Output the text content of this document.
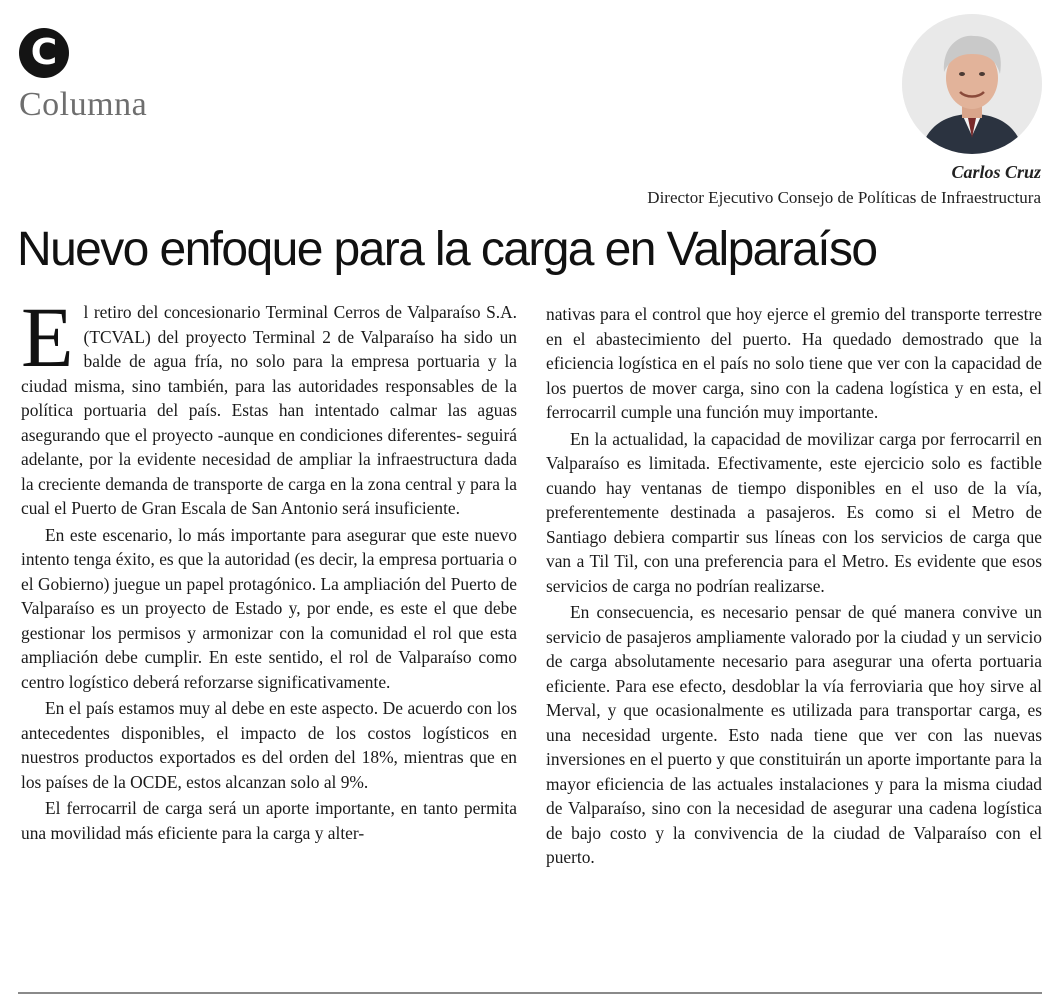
C
Columna
Carlos Cruz
Director Ejecutivo Consejo de Políticas de Infraestructura
Nuevo enfoque para la carga en Valparaíso

El retiro del concesionario Terminal Cerros de Valparaíso S.A. (TCVAL) del proyecto Terminal 2 de Valparaíso ha sido un balde de agua fría, no solo para la empresa portuaria y la ciudad misma, sino también, para las autoridades responsables de la política portuaria del país. Estas han intentado calmar las aguas asegurando que el proyecto -aunque en condiciones diferentes- seguirá adelante, por la evidente necesidad de ampliar la infraestructura dada la creciente demanda de transporte de carga en la zona central y para la cual el Puerto de Gran Escala de San Antonio será insuficiente.

En este escenario, lo más importante para asegurar que este nuevo intento tenga éxito, es que la autoridad (es decir, la empresa portuaria o el Gobierno) juegue un papel protagónico. La ampliación del Puerto de Valparaíso es un proyecto de Estado y, por ende, es este el que debe gestionar los permisos y armonizar con la comunidad el rol que esta ampliación debe cumplir. En este sentido, el rol de Valparaíso como centro logístico deberá reforzarse significativamente.

En el país estamos muy al debe en este aspecto. De acuerdo con los antecedentes disponibles, el impacto de los costos logísticos en nuestros productos exportados es del orden del 18%, mientras que en los países de la OCDE, estos alcanzan solo al 9%.

El ferrocarril de carga será un aporte importante, en tanto permita una movilidad más eficiente para la carga y alter-

nativas para el control que hoy ejerce el gremio del transporte terrestre en el abastecimiento del puerto. Ha quedado demostrado que la eficiencia logística en el país no solo tiene que ver con la capacidad de los puertos de mover carga, sino con la cadena logística y en esta, el ferrocarril cumple una función muy importante.

En la actualidad, la capacidad de movilizar carga por ferrocarril en Valparaíso es limitada. Efectivamente, este ejercicio solo es factible cuando hay ventanas de tiempo disponibles en el uso de la vía, preferentemente destinada a pasajeros. Es como si el Metro de Santiago debiera compartir sus líneas con los servicios de carga que van a Til Til, con una preferencia para el Metro. Es evidente que esos servicios de carga no podrían realizarse.

En consecuencia, es necesario pensar de qué manera convive un servicio de pasajeros ampliamente valorado por la ciudad y un servicio de carga absolutamente necesario para asegurar una oferta portuaria eficiente. Para ese efecto, desdoblar la vía ferroviaria que hoy sirve al Merval, y que ocasionalmente es utilizada para transportar carga, es una necesidad urgente. Esto nada tiene que ver con las nuevas inversiones en el puerto y que constituirán un aporte importante para la mayor eficiencia de las actuales instalaciones y para la misma ciudad de Valparaíso, sino con la necesidad de asegurar una cadena logística de bajo costo y la convivencia de la ciudad de Valparaíso con el puerto.
